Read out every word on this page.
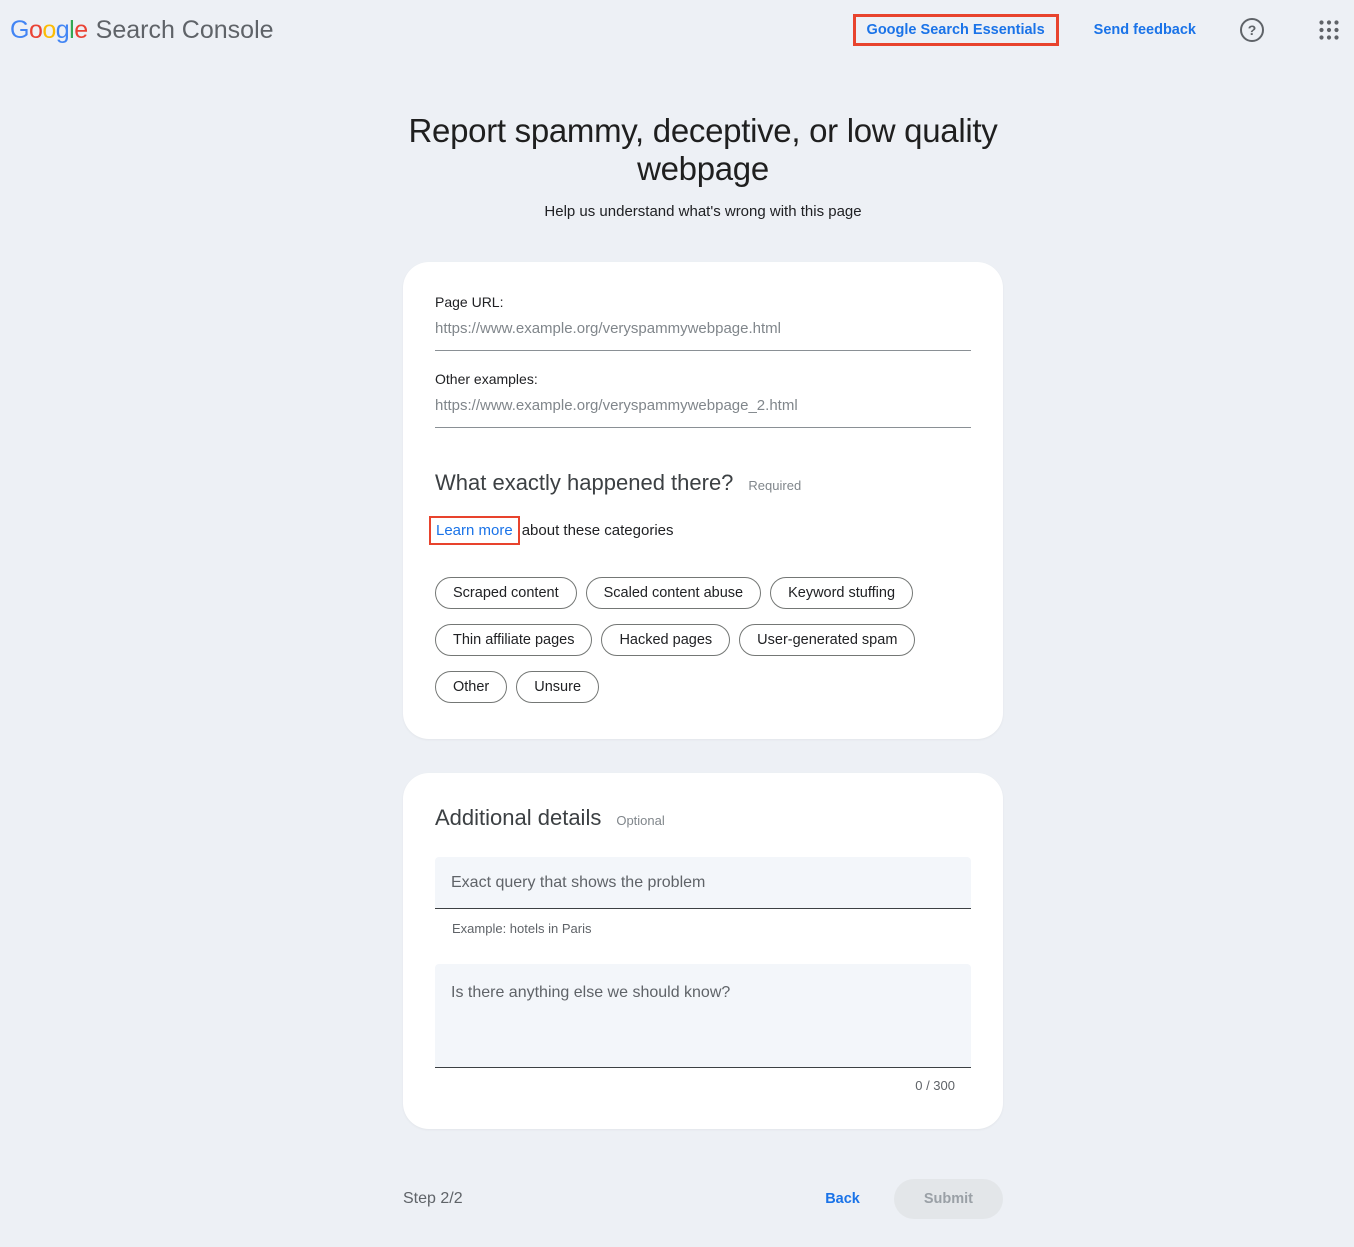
Google Search Console	Google Search Essentials	Send feedback	?
Report spammy, deceptive, or low quality webpage
Help us understand what's wrong with this page
Page URL:
https://www.example.org/veryspammywebpage.html
Other examples:
https://www.example.org/veryspammywebpage_2.html
What exactly happened there? Required
Learn more about these categories
Scraped content	Scaled content abuse	Keyword stuffing
Thin affiliate pages	Hacked pages	User-generated spam
Other	Unsure
Additional details Optional
Exact query that shows the problem
Example: hotels in Paris
Is there anything else we should know?
0 / 300
Step 2/2	Back	Submit
